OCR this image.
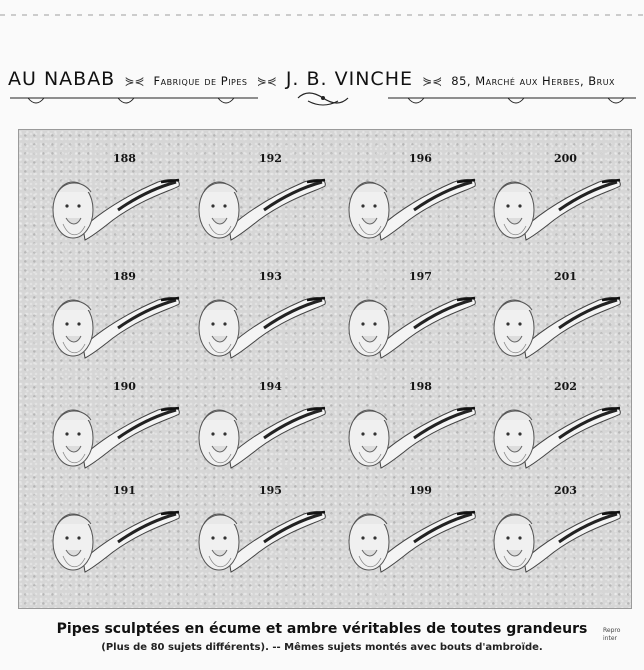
AU NABAB ⋟⋞ Fabrique de Pipes ⋟⋞ J. B. VINCHE ⋟⋞ 85, Marché aux Herbes, Brux
188	192	196	200
189	193	197	201
190	194	198	202
191	195	199	203
Pipes sculptées en écume et ambre véritables de toutes grandeurs
(Plus de 80 sujets différents). -- Mêmes sujets montés avec bouts d'ambroïde.
Repro
inter
